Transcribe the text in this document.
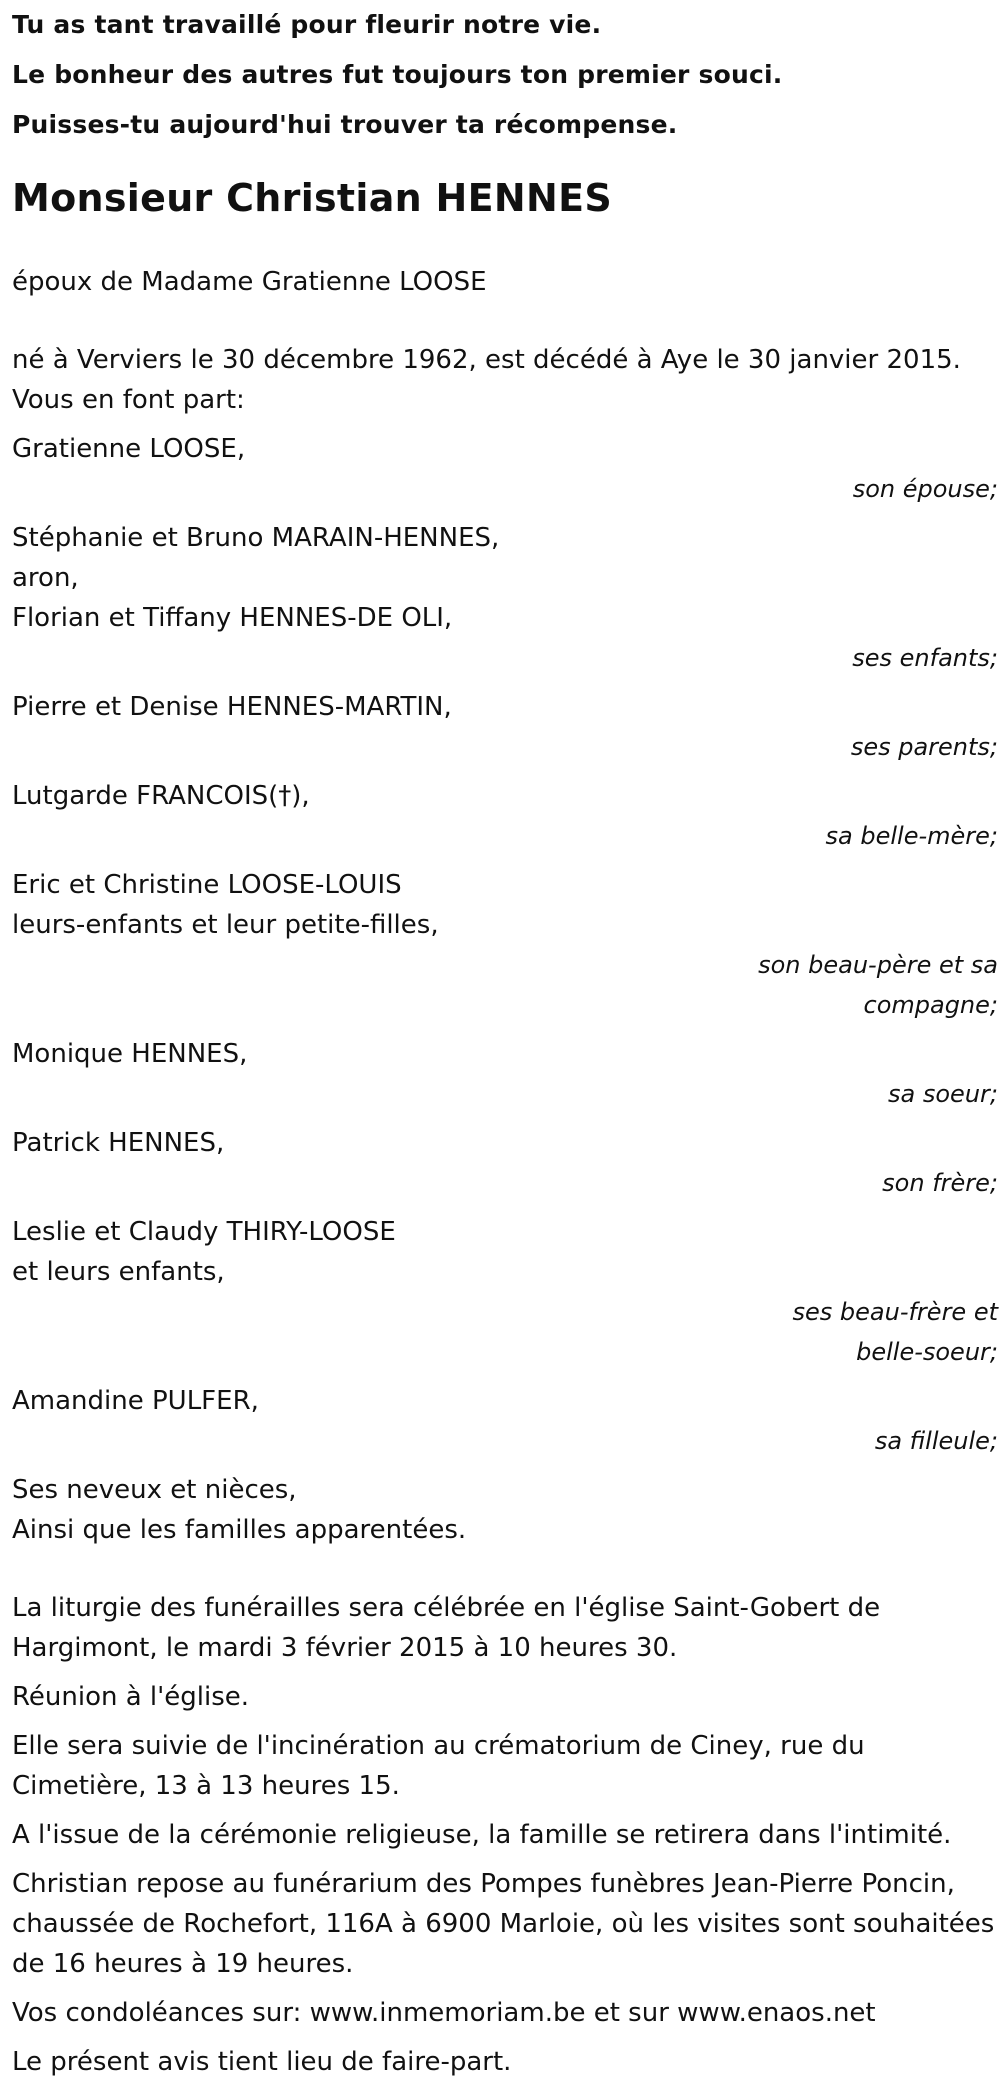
Tu as tant travaillé pour fleurir notre vie.
Le bonheur des autres fut toujours ton premier souci.
Puisses-tu aujourd'hui trouver ta récompense.
Monsieur Christian HENNES

époux de Madame Gratienne LOOSE

né à Verviers le 30 décembre 1962, est décédé à Aye le 30 janvier 2015.

Vous en font part:

Gratienne LOOSE,
son épouse;
Stéphanie et Bruno MARAIN-HENNES,
aron,
Florian et Tiffany HENNES-DE OLI,
ses enfants;
Pierre et Denise HENNES-MARTIN,
ses parents;
Lutgarde FRANCOIS(†),
sa belle-mère;
Eric et Christine LOOSE-LOUIS
leurs-enfants et leur petite-filles,
son beau-père et sa compagne;
Monique HENNES,
sa soeur;
Patrick HENNES,
son frère;
Leslie et Claudy THIRY-LOOSE
et leurs enfants,
ses beau-frère et belle-soeur;
Amandine PULFER,
sa filleule;
Ses neveux et nièces,
Ainsi que les familles apparentées.

La liturgie des funérailles sera célébrée en l'église Saint-Gobert de Hargimont, le mardi 3 février 2015 à 10 heures 30.

Réunion à l'église.

Elle sera suivie de l'incinération au crématorium de Ciney, rue du Cimetière, 13 à 13 heures 15.

A l'issue de la cérémonie religieuse, la famille se retirera dans l'intimité.

Christian repose au funérarium des Pompes funèbres Jean-Pierre Poncin, chaussée de Rochefort, 116A à 6900 Marloie, où les visites sont souhaitées de 16 heures à 19 heures.

Vos condoléances sur: www.inmemoriam.be et sur www.enaos.net

Le présent avis tient lieu de faire-part.
